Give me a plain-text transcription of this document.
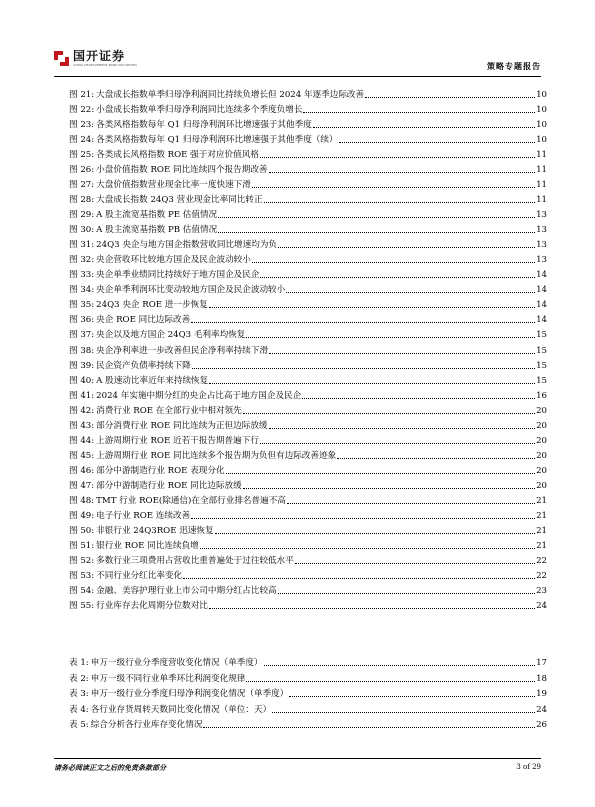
国开证券
CHINA DEVELOPMENT BANK SECURITIES	策略专题报告
图 21: 大盘成长指数单季归母净利润同比持续负增长但 2024 年逐季边际改善	10
图 22: 小盘成长指数单季归母净利润同比连续多个季度负增长	10
图 23: 各类风格指数每年 Q1 归母净利润环比增速强于其他季度	10
图 24: 各类风格指数每年 Q1 归母净利润环比增速强于其他季度（续）	10
图 25: 各类成长风格指数 ROE 强于对应价值风格	11
图 26: 小盘价值指数 ROE 同比连续四个报告期改善	11
图 27: 大盘价值指数营业现金比率一度快速下滑	11
图 28: 大盘成长指数 24Q3 营业现金比率同比转正	11
图 29: A 股主流宽基指数 PE 估值情况	13
图 30: A 股主流宽基指数 PB 估值情况	13
图 31: 24Q3 央企与地方国企指数营收同比增速均为负	13
图 32: 央企营收环比较地方国企及民企波动较小	13
图 33: 央企单季业绩同比持续好于地方国企及民企	14
图 34: 央企单季利润环比变动较地方国企及民企波动较小	14
图 35: 24Q3 央企 ROE 进一步恢复	14
图 36: 央企 ROE 同比边际改善	14
图 37: 央企以及地方国企 24Q3 毛利率均恢复	15
图 38: 央企净利率进一步改善但民企净利率持续下滑	15
图 39: 民企资产负债率持续下降	15
图 40: A 股速动比率近年来持续恢复	15
图 41: 2024 年实施中期分红的央企占比高于地方国企及民企	16
图 42: 消费行业 ROE 在全部行业中相对领先	20
图 43: 部分消费行业 ROE 同比连续为正但边际放缓	20
图 44: 上游周期行业 ROE 近若干报告期普遍下行	20
图 45: 上游周期行业 ROE 同比连续多个报告期为负但有边际改善迹象	20
图 46: 部分中游制造行业 ROE 表现分化	20
图 47: 部分中游制造行业 ROE 同比边际放缓	20
图 48: TMT 行业 ROE(除通信)在全部行业排名普遍不高	21
图 49: 电子行业 ROE 连续改善	21
图 50: 非银行业 24Q3ROE 迅速恢复	21
图 51: 银行业 ROE 同比连续負增	21
图 52: 多数行业三项费用占营收比重普遍处于过往较低水平	22
图 53: 不同行业分红比率变化	22
图 54: 金融、美容护理行业上市公司中期分红占比较高	23
图 55: 行业库存去化周期分位数对比	24
表 1: 申万一级行业分季度营收变化情况（单季度）	17
表 2: 申万一级不同行业单季环比利润变化规律	18
表 3: 申万一级行业分季度归母净利润变化情况（单季度）	19
表 4: 各行业存货周转天数同比变化情况（单位：天）	24
表 5: 综合分析各行业库存变化情况	26
请务必阅读正文之后的免责条款部分	3 of 29
